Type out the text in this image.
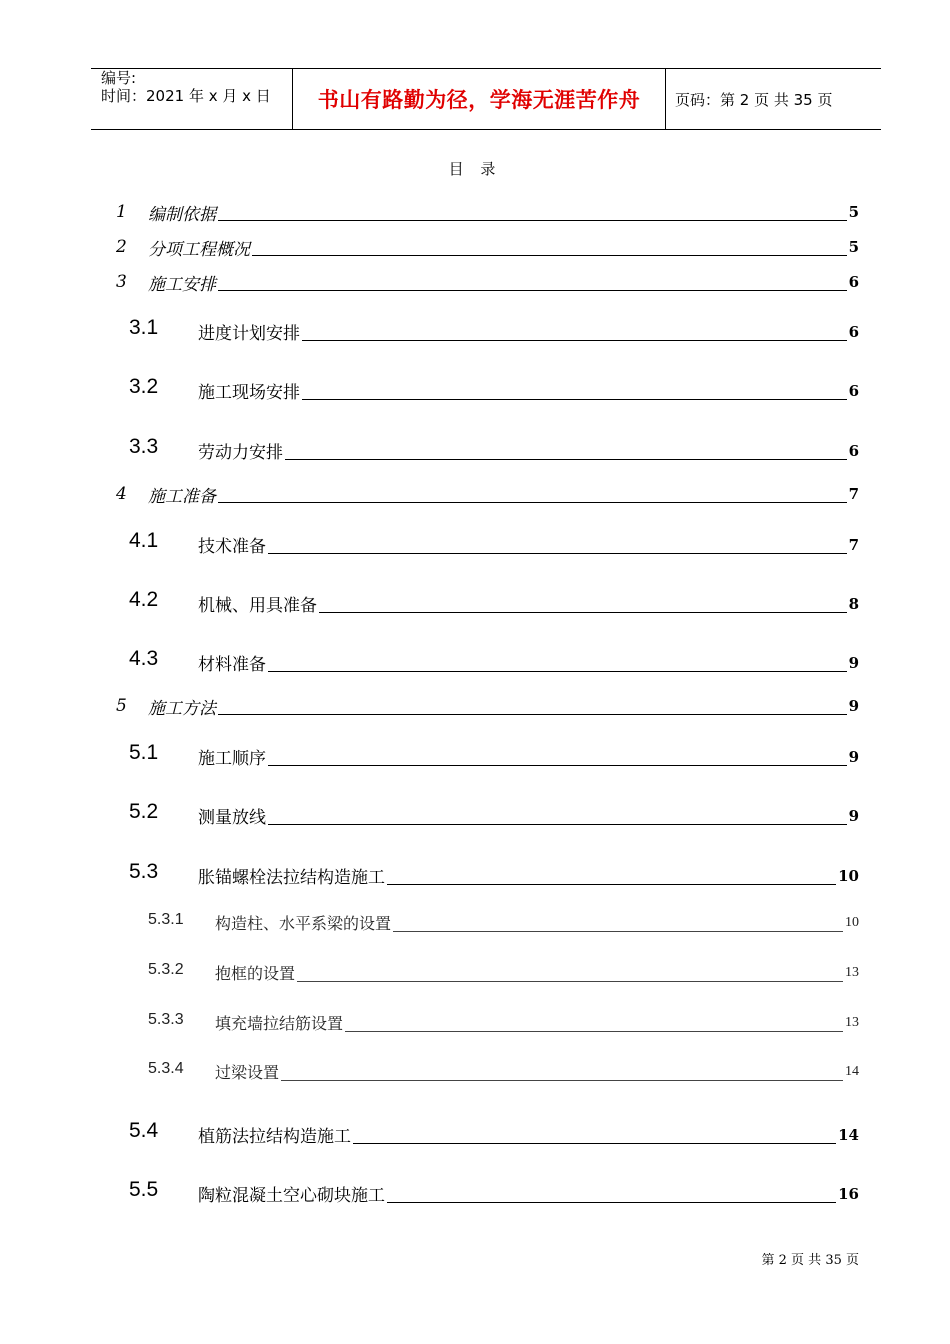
编号:
时间：2021 年 x 月 x 日	书山有路勤为径，学海无涯苦作舟	页码：第 2 页 共 35 页
目 录
1 编制依据	5
2 分项工程概况	5
3 施工安排	6
3.1 进度计划安排	6
3.2 施工现场安排	6
3.3 劳动力安排	6
4 施工准备	7
4.1 技术准备	7
4.2 机械、用具准备	8
4.3 材料准备	9
5 施工方法	9
5.1 施工顺序	9
5.2 测量放线	9
5.3 胀锚螺栓法拉结构造施工	10
5.3.1 构造柱、水平系梁的设置	10
5.3.2 抱框的设置	13
5.3.3 填充墙拉结筋设置	13
5.3.4 过梁设置	14
5.4 植筋法拉结构造施工	14
5.5 陶粒混凝土空心砌块施工	16
第 2 页 共 35 页
